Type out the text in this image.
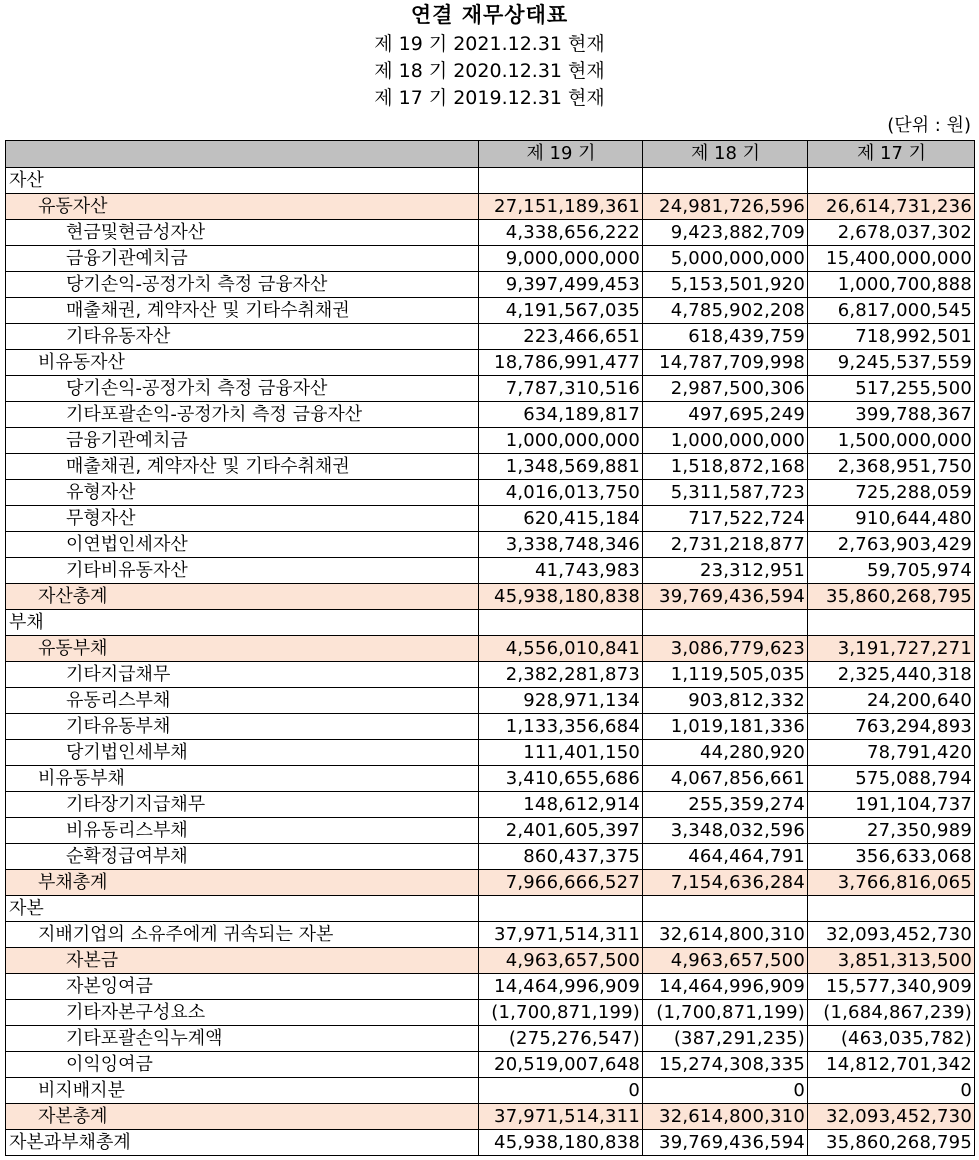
연결 재무상태표
제 19 기 2021.12.31 현재
제 18 기 2020.12.31 현재
제 17 기 2019.12.31 현재
(단위 : 원)
	제 19 기	제 18 기	제 17 기
자산			
유동자산	27,151,189,361	24,981,726,596	26,614,731,236
현금및현금성자산	4,338,656,222	9,423,882,709	2,678,037,302
금융기관예치금	9,000,000,000	5,000,000,000	15,400,000,000
당기손익-공정가치 측정 금융자산	9,397,499,453	5,153,501,920	1,000,700,888
매출채권, 계약자산 및 기타수취채권	4,191,567,035	4,785,902,208	6,817,000,545
기타유동자산	223,466,651	618,439,759	718,992,501
비유동자산	18,786,991,477	14,787,709,998	9,245,537,559
당기손익-공정가치 측정 금융자산	7,787,310,516	2,987,500,306	517,255,500
기타포괄손익-공정가치 측정 금융자산	634,189,817	497,695,249	399,788,367
금융기관예치금	1,000,000,000	1,000,000,000	1,500,000,000
매출채권, 계약자산 및 기타수취채권	1,348,569,881	1,518,872,168	2,368,951,750
유형자산	4,016,013,750	5,311,587,723	725,288,059
무형자산	620,415,184	717,522,724	910,644,480
이연법인세자산	3,338,748,346	2,731,218,877	2,763,903,429
기타비유동자산	41,743,983	23,312,951	59,705,974
자산총계	45,938,180,838	39,769,436,594	35,860,268,795
부채			
유동부채	4,556,010,841	3,086,779,623	3,191,727,271
기타지급채무	2,382,281,873	1,119,505,035	2,325,440,318
유동리스부채	928,971,134	903,812,332	24,200,640
기타유동부채	1,133,356,684	1,019,181,336	763,294,893
당기법인세부채	111,401,150	44,280,920	78,791,420
비유동부채	3,410,655,686	4,067,856,661	575,088,794
기타장기지급채무	148,612,914	255,359,274	191,104,737
비유동리스부채	2,401,605,397	3,348,032,596	27,350,989
순확정급여부채	860,437,375	464,464,791	356,633,068
부채총계	7,966,666,527	7,154,636,284	3,766,816,065
자본			
지배기업의 소유주에게 귀속되는 자본	37,971,514,311	32,614,800,310	32,093,452,730
자본금	4,963,657,500	4,963,657,500	3,851,313,500
자본잉여금	14,464,996,909	14,464,996,909	15,577,340,909
기타자본구성요소	(1,700,871,199)	(1,700,871,199)	(1,684,867,239)
기타포괄손익누계액	(275,276,547)	(387,291,235)	(463,035,782)
이익잉여금	20,519,007,648	15,274,308,335	14,812,701,342
비지배지분	0	0	0
자본총계	37,971,514,311	32,614,800,310	32,093,452,730
자본과부채총계	45,938,180,838	39,769,436,594	35,860,268,795
